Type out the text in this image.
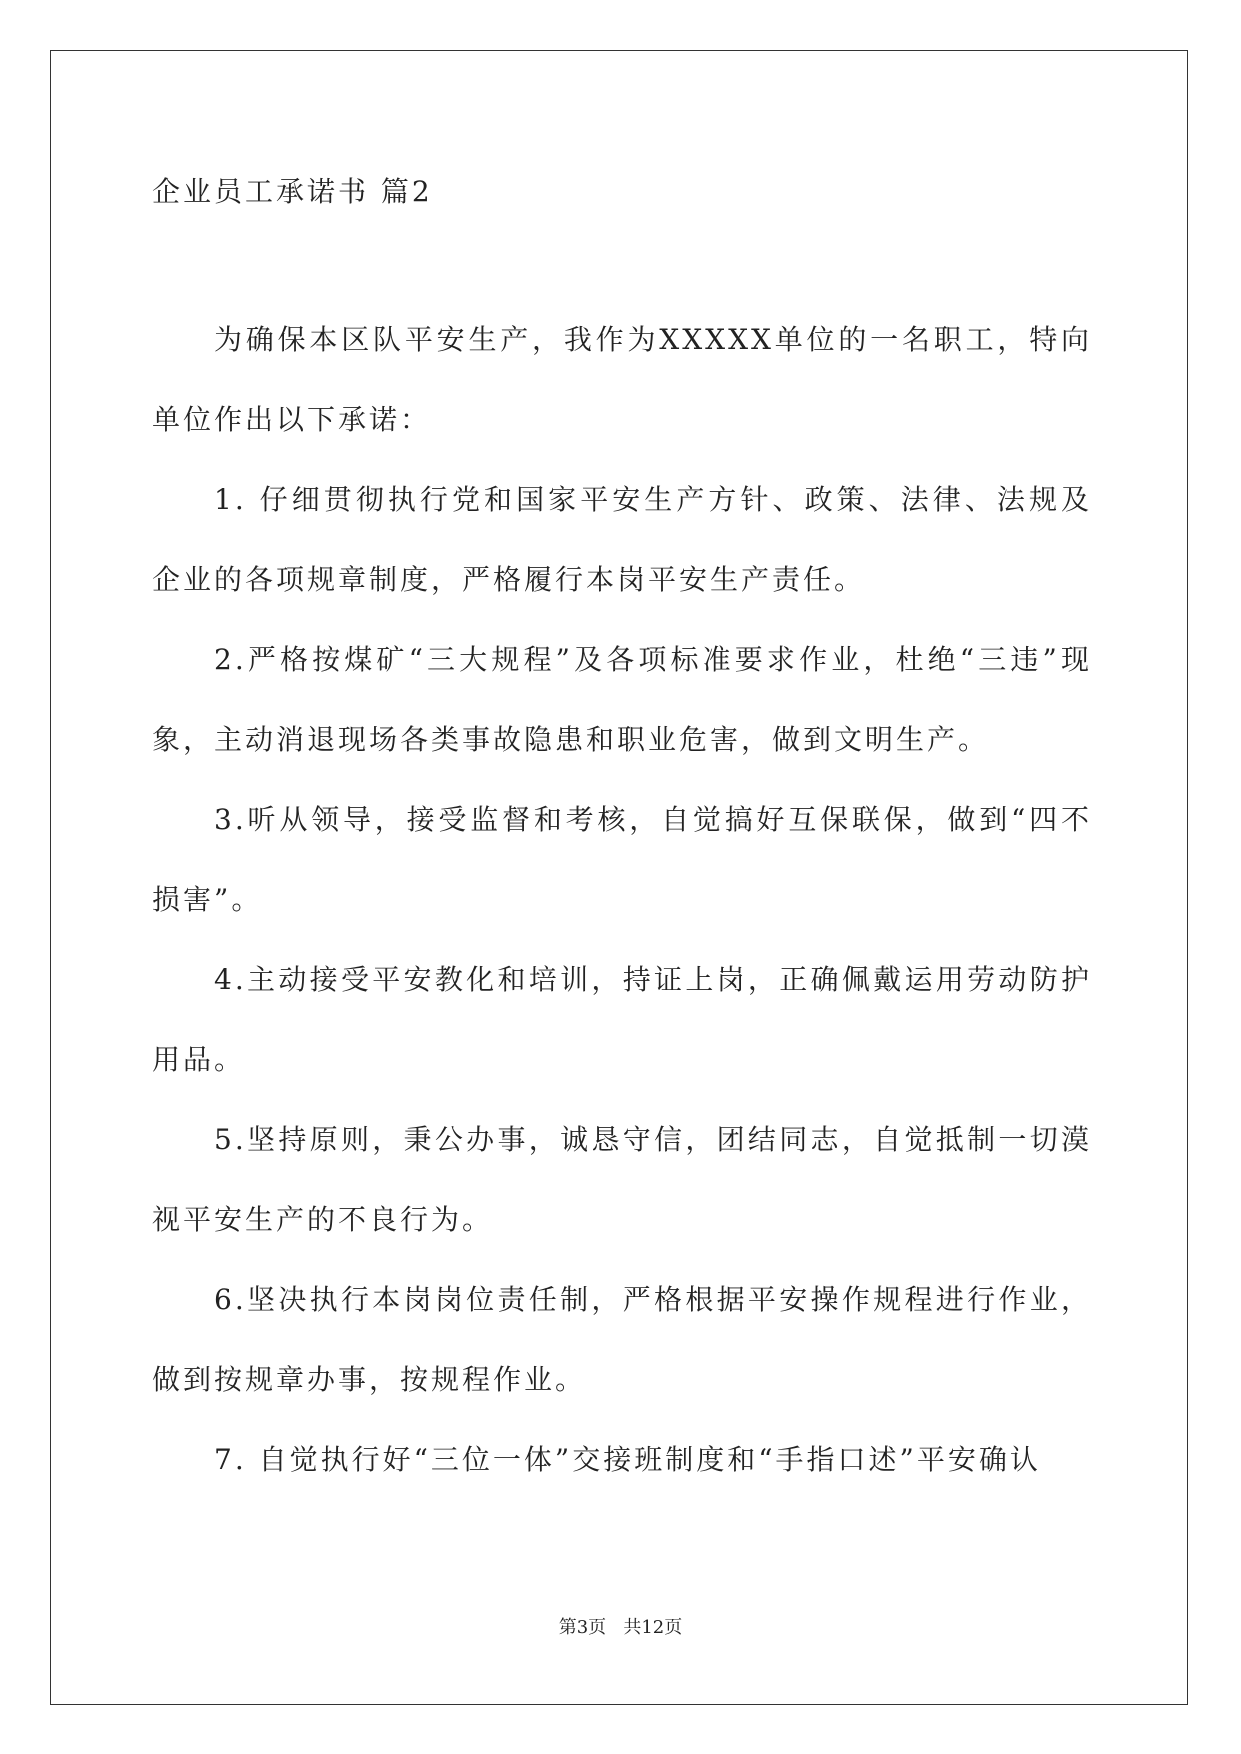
企业员工承诺书 篇2

为确保本区队平安生产，我作为XXXXX单位的一名职工，特向单位作出以下承诺：

1. 仔细贯彻执行党和国家平安生产方针、政策、法律、法规及企业的各项规章制度，严格履行本岗平安生产责任。

2.严格按煤矿“三大规程”及各项标准要求作业，杜绝“三违”现象，主动消退现场各类事故隐患和职业危害，做到文明生产。

3.听从领导，接受监督和考核，自觉搞好互保联保，做到“四不损害”。

4.主动接受平安教化和培训，持证上岗，正确佩戴运用劳动防护用品。

5.坚持原则，秉公办事，诚恳守信，团结同志，自觉抵制一切漠视平安生产的不良行为。

6.坚决执行本岗岗位责任制，严格根据平安操作规程进行作业，做到按规章办事，按规程作业。

7. 自觉执行好“三位一体”交接班制度和“手指口述”平安确认

第3页   共12页
